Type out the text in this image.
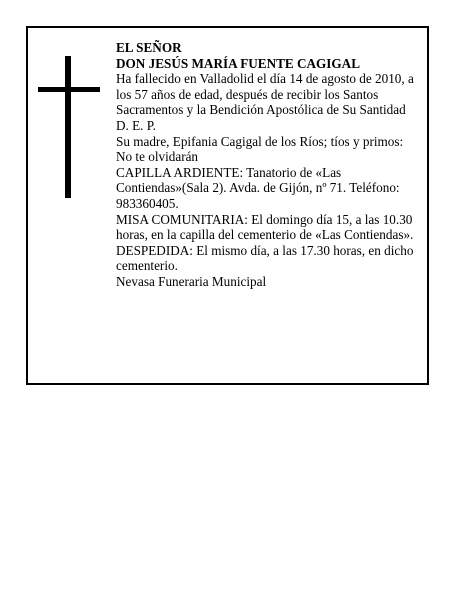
EL SEÑOR

DON JESÚS MARÍA FUENTE CAGIGAL

Ha fallecido en Valladolid el día 14 de agosto de 2010, a los 57 años de edad, después de recibir los Santos Sacramentos y la Bendición Apostólica de Su Santidad D. E. P.

Su madre, Epifania Cagigal de los Ríos; tíos y primos: No te olvidarán

CAPILLA ARDIENTE: Tanatorio de «Las Contiendas»(Sala 2). Avda. de Gijón, nº 71. Teléfono: 983360405.

MISA COMUNITARIA: El domingo día 15, a las 10.30 horas, en la capilla del cementerio de «Las Contiendas».

DESPEDIDA: El mismo día, a las 17.30 horas, en dicho cementerio.

Nevasa Funeraria Municipal
